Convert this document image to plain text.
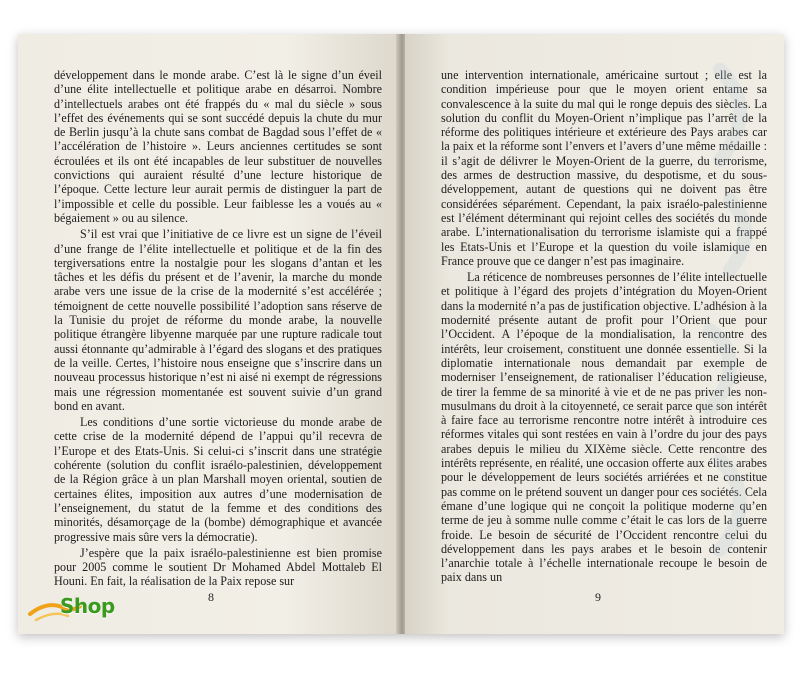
développement dans le monde arabe. C’est là le signe d’un éveil d’une élite intellectuelle et politique arabe en désarroi. Nombre d’intellectuels arabes ont été frappés du « mal du siècle » sous l’effet des événements qui se sont succédé depuis la chute du mur de Berlin jusqu’à la chute sans combat de Bagdad sous l’effet de « l’accélération de l’histoire ». Leurs anciennes certitudes se sont écroulées et ils ont été incapables de leur substituer de nouvelles convictions qui auraient résulté d’une lecture historique de l’époque. Cette lecture leur aurait permis de distinguer la part de l’impossible et celle du possible. Leur faiblesse les a voués au « bégaiement » ou au silence.

S’il est vrai que l’initiative de ce livre est un signe de l’éveil d’une frange de l’élite intellectuelle et politique et de la fin des tergiversations entre la nostalgie pour les slogans d’antan et les tâches et les défis du présent et de l’avenir, la marche du monde arabe vers une issue de la crise de la modernité s’est accélérée ; témoignent de cette nouvelle possibilité l’adoption sans réserve de la Tunisie du projet de réforme du monde arabe, la nouvelle politique étrangère libyenne marquée par une rupture radicale tout aussi étonnante qu’admirable à l’égard des slogans et des pratiques de la veille. Certes, l’histoire nous enseigne que s’inscrire dans un nouveau processus historique n’est ni aisé ni exempt de régressions mais une régression momentanée est souvent suivie d’un grand bond en avant.

Les conditions d’une sortie victorieuse du monde arabe de cette crise de la modernité dépend de l’appui qu’il recevra de l’Europe et des Etats-Unis. Si celui-ci s’inscrit dans une stratégie cohérente (solution du conflit israélo-palestinien, développement de la Région grâce à un plan Marshall moyen oriental, soutien de certaines élites, imposition aux autres d’une modernisation de l’enseignement, du statut de la femme et des conditions des minorités, désamorçage de la (bombe) démographique et avancée progressive mais sûre vers la démocratie).

J’espère que la paix israélo-palestinienne est bien promise pour 2005 comme le soutient Dr Mohamed Abdel Mottaleb El Houni. En fait, la réalisation de la Paix repose sur

8

une intervention internationale, américaine surtout ; elle est la condition impérieuse pour que le moyen orient entame sa convalescence à la suite du mal qui le ronge depuis des siècles. La solution du conflit du Moyen-Orient n’implique pas l’arrêt de la réforme des politiques intérieure et extérieure des Pays arabes car la paix et la réforme sont l’envers et l’avers d’une même médaille : il s’agit de délivrer le Moyen-Orient de la guerre, du terrorisme, des armes de destruction massive, du despotisme, et du sous-développement, autant de questions qui ne doivent pas être considérées séparément. Cependant, la paix israélo-palestinienne est l’élément déterminant qui rejoint celles des sociétés du monde arabe. L’internationalisation du terrorisme islamiste qui a frappé les Etats-Unis et l’Europe et la question du voile islamique en France prouve que ce danger n’est pas imaginaire.

La réticence de nombreuses personnes de l’élite intellectuelle et politique à l’égard des projets d’intégration du Moyen-Orient dans la modernité n’a pas de justification objective. L’adhésion à la modernité présente autant de profit pour l’Orient que pour l’Occident. A l’époque de la mondialisation, la rencontre des intérêts, leur croisement, constituent une donnée essentielle. Si la diplomatie internationale nous demandait par exemple de moderniser l’enseignement, de rationaliser l’éducation religieuse, de tirer la femme de sa minorité à vie et de ne pas priver les non-musulmans du droit à la citoyenneté, ce serait parce que son intérêt à faire face au terrorisme rencontre notre intérêt à introduire ces réformes vitales qui sont restées en vain à l’ordre du jour des pays arabes depuis le milieu du XIXème siècle. Cette rencontre des intérêts représente, en réalité, une occasion offerte aux élites arabes pour le développement de leurs sociétés arriérées et ne constitue pas comme on le prétend souvent un danger pour ces sociétés. Cela émane d’une logique qui ne conçoit la politique moderne qu’en terme de jeu à somme nulle comme c’était le cas lors de la guerre froide. Le besoin de sécurité de l’Occident rencontre celui du développement dans les pays arabes et le besoin de contenir l’anarchie totale à l’échelle internationale recoupe le besoin de paix dans un

9
Shop
